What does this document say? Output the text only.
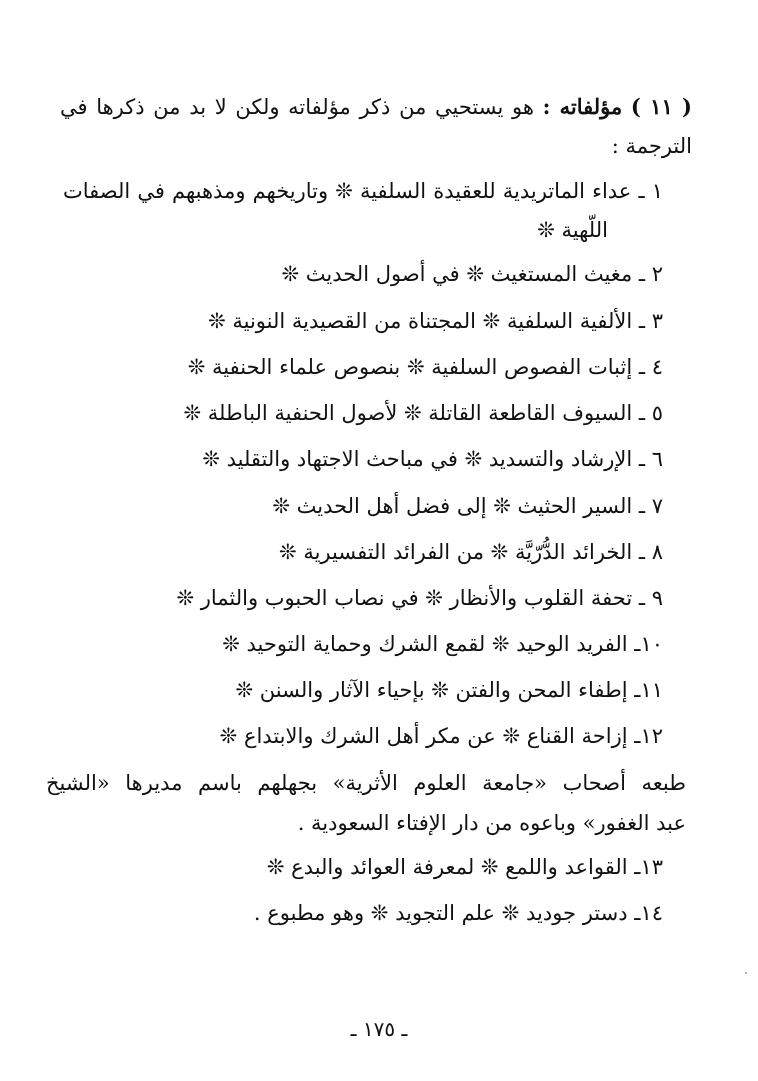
( ١١ ) مؤلفاته : هو يستحيي من ذكر مؤلفاته ولكن لا بد من ذكرها في
الترجمة :
١ ـ عداء الماتريدية للعقيدة السلفية ❊ وتاريخهم ومذهبهم في الصفات
اللّهية ❊
٢ ـ مغيث المستغيث ❊ في أصول الحديث ❊
٣ ـ الألفية السلفية ❊ المجتناة من القصيدية النونية ❊
٤ ـ إثبات الفصوص السلفية ❊ بنصوص علماء الحنفية ❊
٥ ـ السيوف القاطعة القاتلة ❊ لأصول الحنفية الباطلة ❊
٦ ـ الإرشاد والتسديد ❊ في مباحث الاجتهاد والتقليد ❊
٧ ـ السير الحثيث ❊ إلى فضل أهل الحديث ❊
٨ ـ الخرائد الدُّرّيَّة ❊ من الفرائد التفسيرية ❊
٩ ـ تحفة القلوب والأنظار ❊ في نصاب الحبوب والثمار ❊
١٠ـ الفريد الوحيد ❊ لقمع الشرك وحماية التوحيد ❊
١١ـ إطفاء المحن والفتن ❊ بإحياء الآثار والسنن ❊
١٢ـ إزاحة القناع ❊ عن مكر أهل الشرك والابتداع ❊
طبعه أصحاب «جامعة العلوم الأثرية» بجهلهم باسم مديرها «الشيخ
عبد الغفور» وباعوه من دار الإفتاء السعودية .
١٣ـ القواعد واللمع ❊ لمعرفة العوائد والبدع ❊
١٤ـ دستر جوديد ❊ علم التجويد ❊ وهو مطبوع .
ـ ١٧٥ ـ
